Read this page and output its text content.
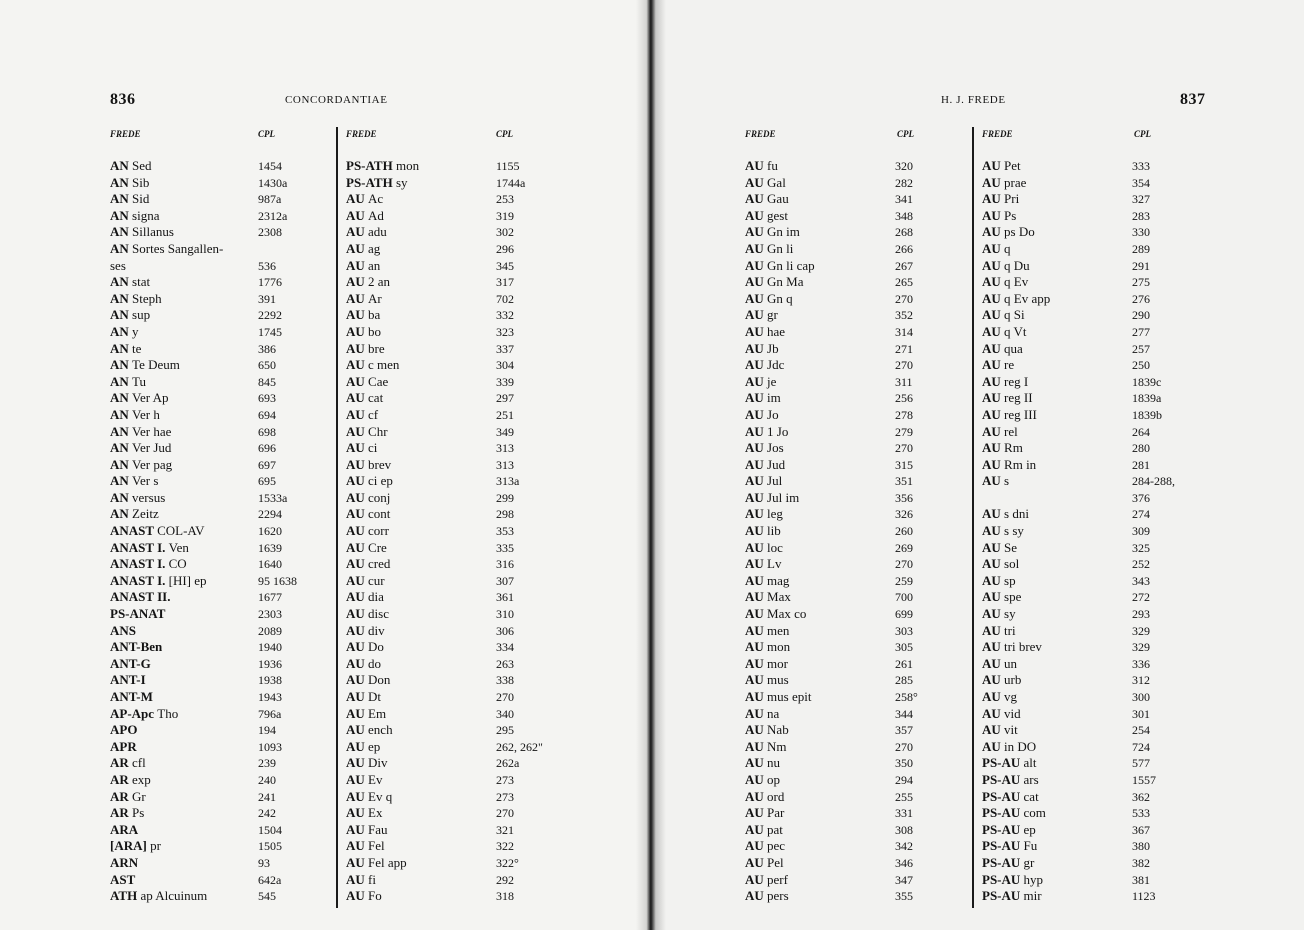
836	CONCORDANTIAE
FREDE	CPL	FREDE	CPL
837
H. J. FREDE
FREDE	CPL	FREDE	CPL
AN Sed	1454
AN Sib	1430a
AN Sid	987a
AN signa	2312a
AN Sillanus	2308
AN Sortes Sangallen-
ses	536
AN stat	1776
AN Steph	391
AN sup	2292
AN y	1745
AN te	386
AN Te Deum	650
AN Tu	845
AN Ver Ap	693
AN Ver h	694
AN Ver hae	698
AN Ver Jud	696
AN Ver pag	697
AN Ver s	695
AN versus	1533a
AN Zeitz	2294
ANAST COL-AV	1620
ANAST I. Ven	1639
ANAST I. CO	1640
ANAST I. [HI] ep	95 1638
ANAST II.	1677
PS-ANAT	2303
ANS	2089
ANT-Ben	1940
ANT-G	1936
ANT-I	1938
ANT-M	1943
AP-Apc Tho	796a
APO	194
APR	1093
AR cfl	239
AR exp	240
AR Gr	241
AR Ps	242
ARA	1504
[ARA] pr	1505
ARN	93
AST	642a
ATH ap Alcuinum	545
PS-ATH mon	1155
PS-ATH sy	1744a
AU Ac	253
AU Ad	319
AU adu	302
AU ag	296
AU an	345
AU 2 an	317
AU Ar	702
AU ba	332
AU bo	323
AU bre	337
AU c men	304
AU Cae	339
AU cat	297
AU cf	251
AU Chr	349
AU ci	313
AU brev	313
AU ci ep	313a
AU conj	299
AU cont	298
AU corr	353
AU Cre	335
AU cred	316
AU cur	307
AU dia	361
AU disc	310
AU div	306
AU Do	334
AU do	263
AU Don	338
AU Dt	270
AU Em	340
AU ench	295
AU ep	262, 262"
AU Div	262a
AU Ev	273
AU Ev q	273
AU Ex	270
AU Fau	321
AU Fel	322
AU Fel app	322°
AU fi	292
AU Fo	318
AU fu	320
AU Gal	282
AU Gau	341
AU gest	348
AU Gn im	268
AU Gn li	266
AU Gn li cap	267
AU Gn Ma	265
AU Gn q	270
AU gr	352
AU hae	314
AU Jb	271
AU Jdc	270
AU je	311
AU im	256
AU Jo	278
AU 1 Jo	279
AU Jos	270
AU Jud	315
AU Jul	351
AU Jul im	356
AU leg	326
AU lib	260
AU loc	269
AU Lv	270
AU mag	259
AU Max	700
AU Max co	699
AU men	303
AU mon	305
AU mor	261
AU mus	285
AU mus epit	258°
AU na	344
AU Nab	357
AU Nm	270
AU nu	350
AU op	294
AU ord	255
AU Par	331
AU pat	308
AU pec	342
AU Pel	346
AU perf	347
AU pers	355
AU Pet	333
AU prae	354
AU Pri	327
AU Ps	283
AU ps Do	330
AU q	289
AU q Du	291
AU q Ev	275
AU q Ev app	276
AU q Si	290
AU q Vt	277
AU qua	257
AU re	250
AU reg I	1839c
AU reg II	1839a
AU reg III	1839b
AU rel	264
AU Rm	280
AU Rm in	281
AU s	284-288,
376
AU s dni	274
AU s sy	309
AU Se	325
AU sol	252
AU sp	343
AU spe	272
AU sy	293
AU tri	329
AU tri brev	329
AU un	336
AU urb	312
AU vg	300
AU vid	301
AU vit	254
AU in DO	724
PS-AU alt	577
PS-AU ars	1557
PS-AU cat	362
PS-AU com	533
PS-AU ep	367
PS-AU Fu	380
PS-AU gr	382
PS-AU hyp	381
PS-AU mir	1123
